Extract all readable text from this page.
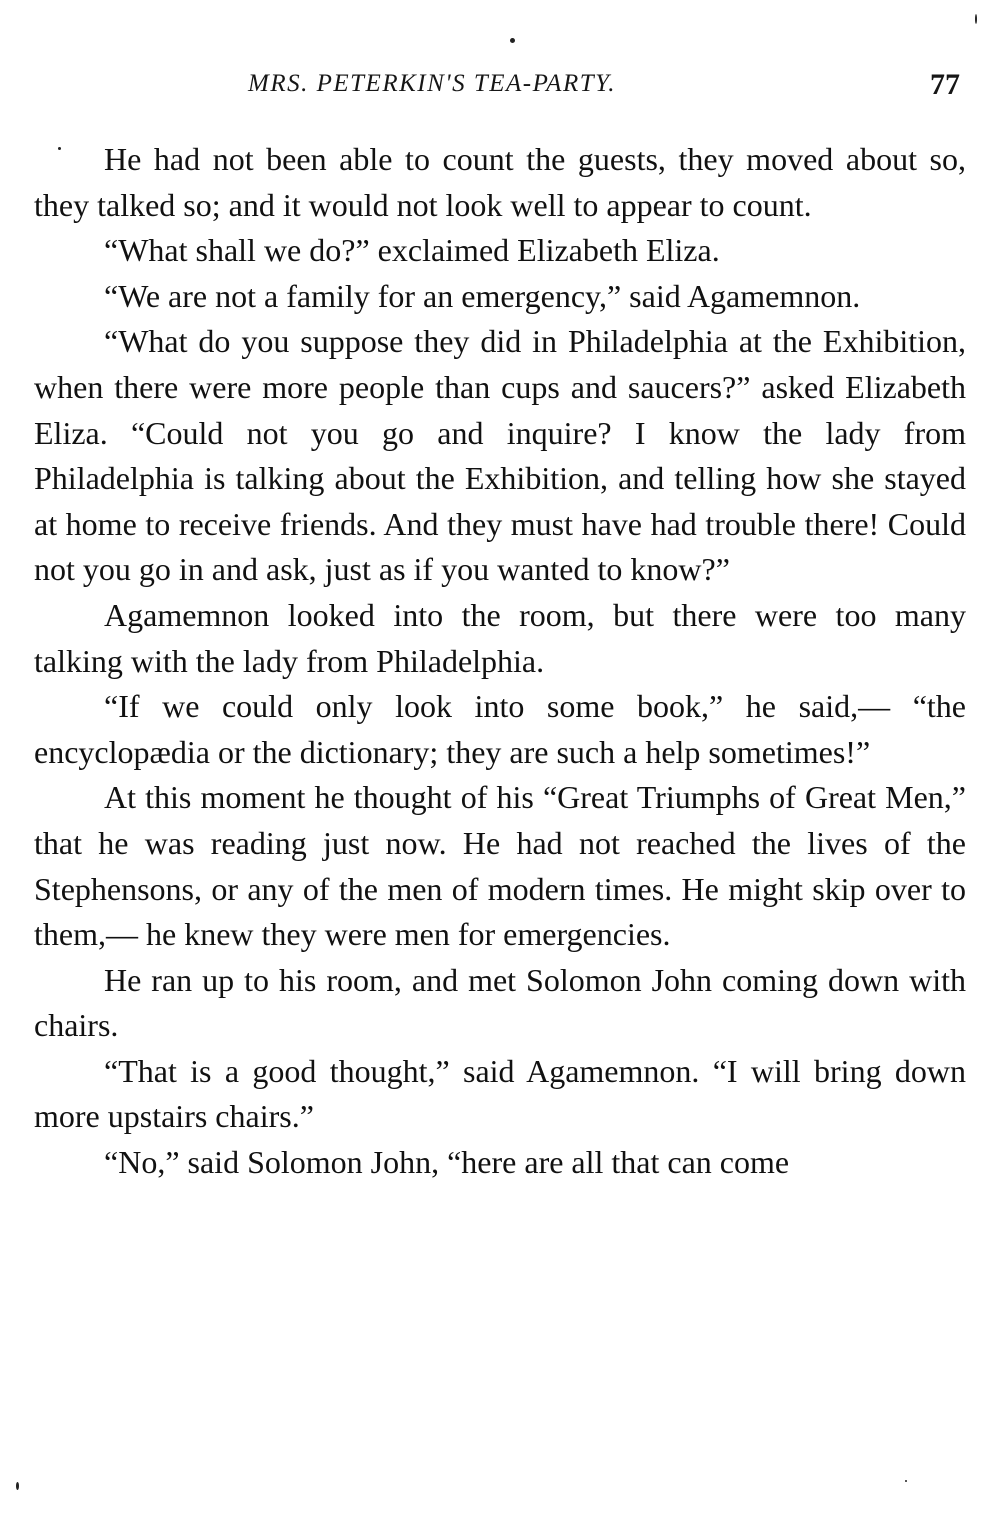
MRS. PETERKIN'S TEA-PARTY.	77

He had not been able to count the guests, they moved about so, they talked so; and it would not look well to appear to count.

“What shall we do?” exclaimed Elizabeth Eliza.

“We are not a family for an emergency,” said Agamemnon.

“What do you suppose they did in Philadelphia at the Exhibition, when there were more people than cups and saucers?” asked Elizabeth Eliza. “Could not you go and inquire? I know the lady from Philadelphia is talking about the Exhibition, and telling how she stayed at home to receive friends. And they must have had trouble there! Could not you go in and ask, just as if you wanted to know?”

Agamemnon looked into the room, but there were too many talking with the lady from Philadelphia.

“If we could only look into some book,” he said,— “the encyclopædia or the dictionary; they are such a help sometimes!”

At this moment he thought of his “Great Triumphs of Great Men,” that he was reading just now. He had not reached the lives of the Stephensons, or any of the men of modern times. He might skip over to them,— he knew they were men for emergencies.

He ran up to his room, and met Solomon John coming down with chairs.

“That is a good thought,” said Agamemnon. “I will bring down more upstairs chairs.”

“No,” said Solomon John, “here are all that can come
